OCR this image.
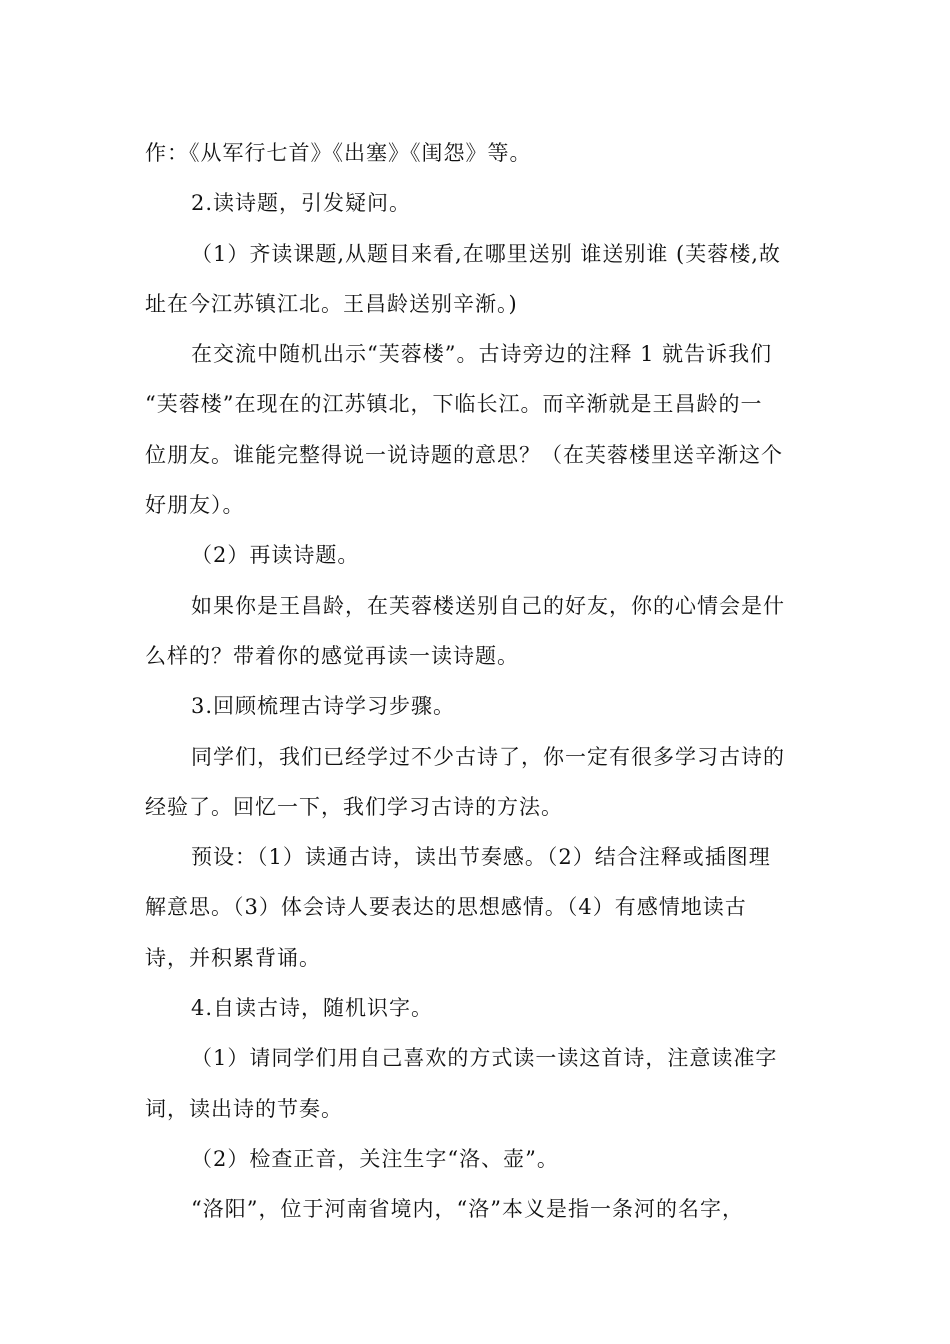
作：《从军行七首》《出塞》《闺怨》等。
2.读诗题，引发疑问。
（1）齐读课题,从题目来看,在哪里送别 谁送别谁 (芙蓉楼,故
址在今江苏镇江北。王昌龄送别辛渐。)
在交流中随机出示“芙蓉楼”。古诗旁边的注释 1 就告诉我们
“芙蓉楼”在现在的江苏镇北，下临长江。而辛渐就是王昌龄的一
位朋友。谁能完整得说一说诗题的意思？（在芙蓉楼里送辛渐这个
好朋友）。
（2）再读诗题。
如果你是王昌龄，在芙蓉楼送别自己的好友，你的心情会是什
么样的？带着你的感觉再读一读诗题。
3.回顾梳理古诗学习步骤。
同学们，我们已经学过不少古诗了，你一定有很多学习古诗的
经验了。回忆一下，我们学习古诗的方法。
预设：（1）读通古诗，读出节奏感。（2）结合注释或插图理
解意思。（3）体会诗人要表达的思想感情。（4）有感情地读古
诗，并积累背诵。
4.自读古诗，随机识字。
（1）请同学们用自己喜欢的方式读一读这首诗，注意读准字
词，读出诗的节奏。
（2）检查正音，关注生字“洛、壶”。
“洛阳”，位于河南省境内，“洛”本义是指一条河的名字，
